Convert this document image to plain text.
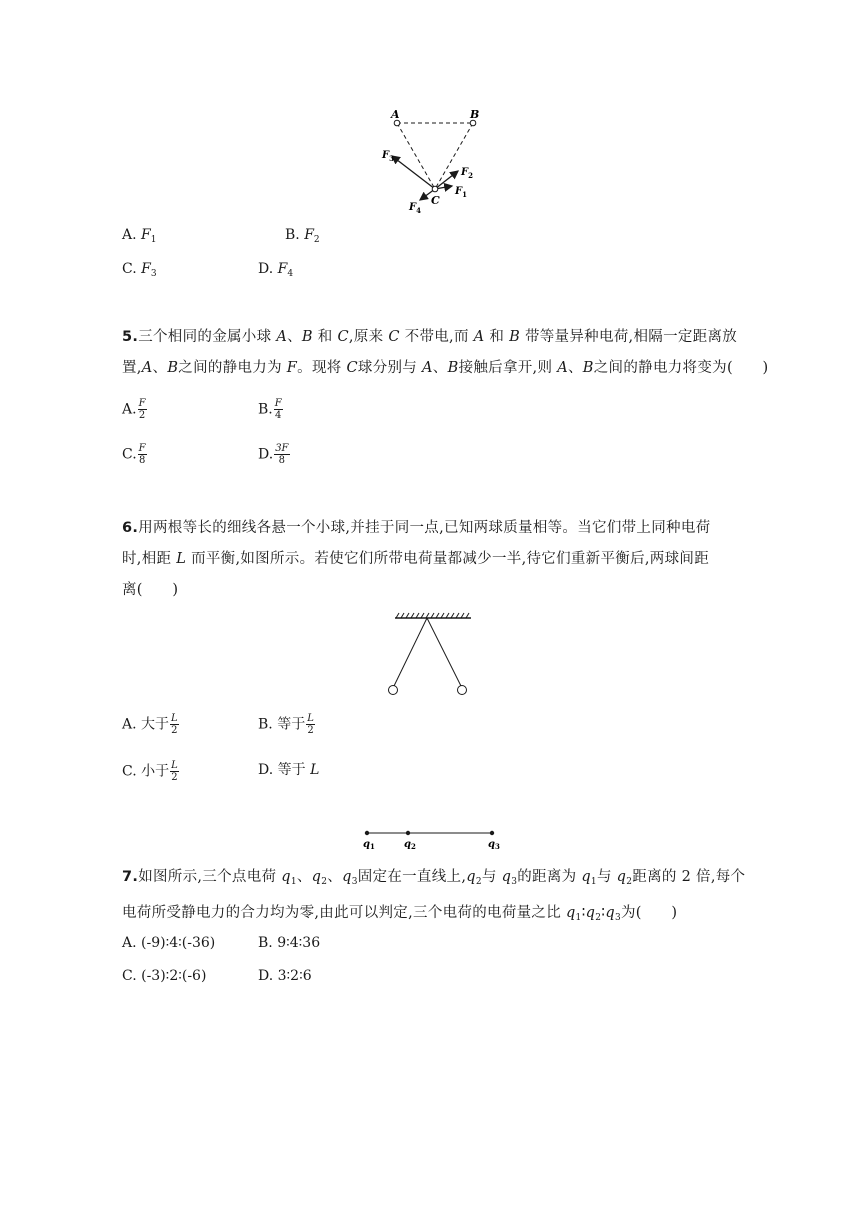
A	B
C
$F_3$
$F_2$
$F_1$
$F_4$
A. $F_1$	B. $F_2$
C. $F_3$	D. $F_4$
5.三个相同的金属小球 A、B 和 C,原来 C 不带电,而 A 和 B 带等量异种电荷,相隔一定距离放
置,A、B之间的静电力为 F。现将 C球分别与 A、B接触后拿开,则 A、B之间的静电力将变为(　　)
A. $\frac{F}{2}$	B. $\frac{F}{4}$
C. $\frac{F}{8}$	D. $\frac{3F}{8}$
6.用两根等长的细线各悬一个小球,并挂于同一点,已知两球质量相等。当它们带上同种电荷
时,相距 L 而平衡,如图所示。若使它们所带电荷量都减少一半,待它们重新平衡后,两球间距
离(　　)
A. 大于 $\frac{L}{2}$	B. 等于 $\frac{L}{2}$
C. 小于 $\frac{L}{2}$	D. 等于 L
$q_1$	$q_2$	$q_3$
7.如图所示,三个点电荷 $q_1$、$q_2$、$q_3$固定在一直线上$,q_2$与 $q_3$的距离为 $q_1$与 $q_2$距离的 2 倍,每个
电荷所受静电力的合力均为零,由此可以判定,三个电荷的电荷量之比 $q_1∶q_2∶q_3$为(　　)
A. (-9)∶4∶(-36)	B. 9∶4∶36
C. (-3)∶2∶(-6)	D. 3∶2∶6
